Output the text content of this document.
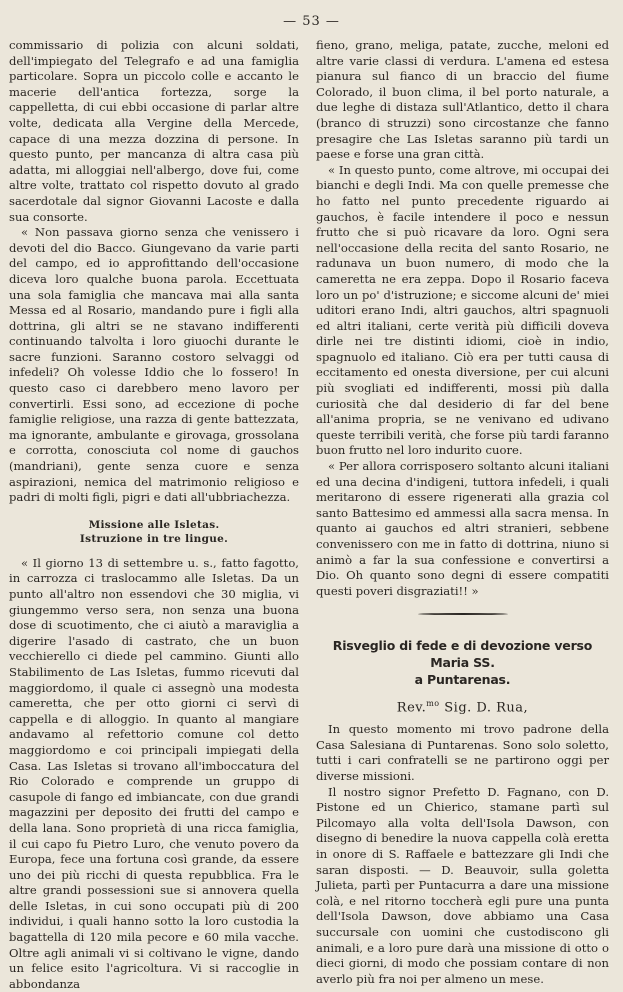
— 53 —

commissario di polizia con alcuni soldati, dell'impiegato del Telegrafo e ad una famiglia particolare. Sopra un piccolo colle e accanto le macerie dell'antica fortezza, sorge la cappelletta, di cui ebbi occasione di parlar altre volte, dedicata alla Vergine della Mercede, capace di una mezza dozzina di persone. In questo punto, per mancanza di altra casa più adatta, mi alloggiai nell'albergo, dove fui, come altre volte, trattato col rispetto dovuto al grado sacerdotale dal signor Giovanni Lacoste e dalla sua consorte.

« Non passava giorno senza che venissero i devoti del dio Bacco. Giungevano da varie parti del campo, ed io approfittando dell'occasione diceva loro qualche buona parola. Eccettuata una sola famiglia che mancava mai alla santa Messa ed al Rosario, mandando pure i figli alla dottrina, gli altri se ne stavano indifferenti continuando talvolta i loro giuochi durante le sacre funzioni. Saranno costoro selvaggi od infedeli? Oh volesse Iddio che lo fossero! In questo caso ci darebbero meno lavoro per convertirli. Essi sono, ad eccezione di poche famiglie religiose, una razza di gente battezzata, ma ignorante, ambulante e girovaga, grossolana e corrotta, conosciuta col nome di gauchos (mandriani), gente senza cuore e senza aspirazioni, nemica del matrimonio religioso e padri di molti figli, pigri e dati all'ubbriachezza.

Missione alle Isletas.
Istruzione in tre lingue.

« Il giorno 13 di settembre u. s., fatto fagotto, in carrozza ci traslocammo alle Isletas. Da un punto all'altro non essendovi che 30 miglia, vi giungemmo verso sera, non senza una buona dose di scuotimento, che ci aiutò a maraviglia a digerire l'asado di castrato, che un buon vecchierello ci diede pel cammino. Giunti allo Stabilimento de Las Isletas, fummo ricevuti dal maggiordomo, il quale ci assegnò una modesta cameretta, che per otto giorni ci servì di cappella e di alloggio. In quanto al mangiare andavamo al refettorio comune col detto maggiordomo e coi principali impiegati della Casa. Las Isletas si trovano all'imboccatura del Rio Colorado e comprende un gruppo di casupole di fango ed imbiancate, con due grandi magazzini per deposito dei frutti del campo e della lana. Sono proprietà di una ricca famiglia, il cui capo fu Pietro Luro, che venuto povero da Europa, fece una fortuna così grande, da essere uno dei più ricchi di questa repubblica. Fra le altre grandi possessioni sue si annovera quella delle Isletas, in cui sono occupati più di 200 individui, i quali hanno sotto la loro custodia la bagattella di 120 mila pecore e 60 mila vacche. Oltre agli animali vi si coltivano le vigne, dando un felice esito l'agricoltura. Vi si raccoglie in abbondanza

fieno, grano, meliga, patate, zucche, meloni ed altre varie classi di verdura. L'amena ed estesa pianura sul fianco di un braccio del fiume Colorado, il buon clima, il bel porto naturale, a due leghe di distaza sull'Atlantico, detto il chara (branco di struzzi) sono circostanze che fanno presagire che Las Isletas saranno più tardi un paese e forse una gran città.

« In questo punto, come altrove, mi occupai dei bianchi e degli Indi. Ma con quelle premesse che ho fatto nel punto precedente riguardo ai gauchos, è facile intendere il poco e nessun frutto che si può ricavare da loro. Ogni sera nell'occasione della recita del santo Rosario, ne radunava un buon numero, di modo che la cameretta ne era zeppa. Dopo il Rosario faceva loro un po' d'istruzione; e siccome alcuni de' miei uditori erano Indi, altri gauchos, altri spagnuoli ed altri italiani, certe verità più difficili doveva dirle nei tre distinti idiomi, cioè in indio, spagnuolo ed italiano. Ciò era per tutti causa di eccitamento ed onesta diversione, per cui alcuni più svogliati ed indifferenti, mossi più dalla curiosità che dal desiderio di far del bene all'anima propria, se ne venivano ed udivano queste terribili verità, che forse più tardi faranno buon frutto nel loro indurito cuore.

« Per allora corrisposero soltanto alcuni italiani ed una decina d'indigeni, tuttora infedeli, i quali meritarono di essere rigenerati alla grazia col santo Battesimo ed ammessi alla sacra mensa. In quanto ai gauchos ed altri stranieri, sebbene convenissero con me in fatto di dottrina, niuno si animò a far la sua confessione e convertirsi a Dio. Oh quanto sono degni di essere compatiti questi poveri disgraziati!! »

Risveglio di fede e di devozione verso Maria SS.
a Puntarenas.
Rev.$^{mo}$ Sig. D. Rua,

In questo momento mi trovo padrone della Casa Salesiana di Puntarenas. Sono solo soletto, tutti i cari confratelli se ne partirono oggi per diverse missioni.

Il nostro signor Prefetto D. Fagnano, con D. Pistone ed un Chierico, stamane partì sul Pilcomayo alla volta dell'Isola Dawson, con disegno di benedire la nuova cappella colà eretta in onore di S. Raffaele e battezzare gli Indi che saran disposti. — D. Beauvoir, sulla goletta Julieta, partì per Puntacurra a dare una missione colà, e nel ritorno toccherà egli pure una punta dell'Isola Dawson, dove abbiamo una Casa succursale con uomini che custodiscono gli animali, e a loro pure darà una missione di otto o dieci giorni, di modo che possiam contare di non averlo più fra noi per almeno un mese.
